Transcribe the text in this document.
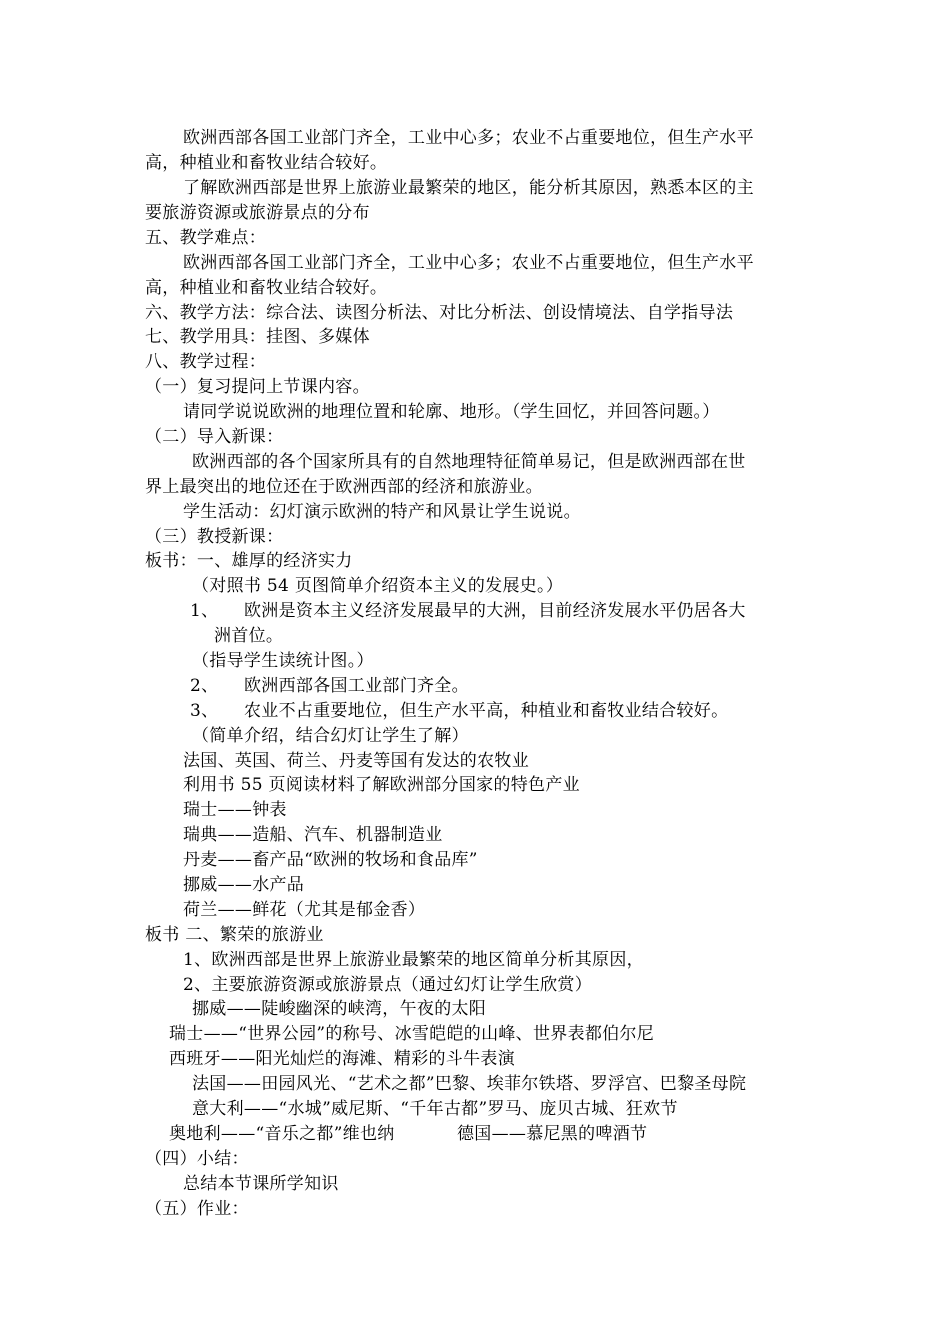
欧洲西部各国工业部门齐全，工业中心多；农业不占重要地位，但生产水平
高，种植业和畜牧业结合较好。
了解欧洲西部是世界上旅游业最繁荣的地区，能分析其原因，熟悉本区的主
要旅游资源或旅游景点的分布
五、教学难点：
欧洲西部各国工业部门齐全，工业中心多；农业不占重要地位，但生产水平
高，种植业和畜牧业结合较好。
六、教学方法：综合法、读图分析法、对比分析法、创设情境法、自学指导法
七、教学用具：挂图、多媒体
八、教学过程：
（一）复习提问上节课内容。
请同学说说欧洲的地理位置和轮廓、地形。（学生回忆，并回答问题。）
（二）导入新课：
欧洲西部的各个国家所具有的自然地理特征简单易记，但是欧洲西部在世
界上最突出的地位还在于欧洲西部的经济和旅游业。
学生活动：幻灯演示欧洲的特产和风景让学生说说。
（三）教授新课：
板书：一、雄厚的经济实力
（对照书 54 页图简单介绍资本主义的发展史。）
1、 欧洲是资本主义经济发展最早的大洲，目前经济发展水平仍居各大
洲首位。
（指导学生读统计图。）
2、 欧洲西部各国工业部门齐全。
3、 农业不占重要地位，但生产水平高，种植业和畜牧业结合较好。
（简单介绍，结合幻灯让学生了解）
法国、英国、荷兰、丹麦等国有发达的农牧业
利用书 55 页阅读材料了解欧洲部分国家的特色产业
瑞士——钟表
瑞典——造船、汽车、机器制造业
丹麦——畜产品“欧洲的牧场和食品库”
挪威——水产品
荷兰——鲜花（尤其是郁金香）
板书 二、繁荣的旅游业
1、欧洲西部是世界上旅游业最繁荣的地区简单分析其原因，
2、主要旅游资源或旅游景点（通过幻灯让学生欣赏）
挪威——陡峻幽深的峡湾，午夜的太阳
瑞士——“世界公园”的称号、冰雪皑皑的山峰、世界表都伯尔尼
西班牙——阳光灿烂的海滩、精彩的斗牛表演
法国——田园风光、“艺术之都”巴黎、埃菲尔铁塔、罗浮宫、巴黎圣母院
意大利——“水城”威尼斯、“千年古都”罗马、庞贝古城、狂欢节
奥地利——“音乐之都”维也纳	德国——慕尼黑的啤酒节
（四）小结：
总结本节课所学知识
（五）作业：
